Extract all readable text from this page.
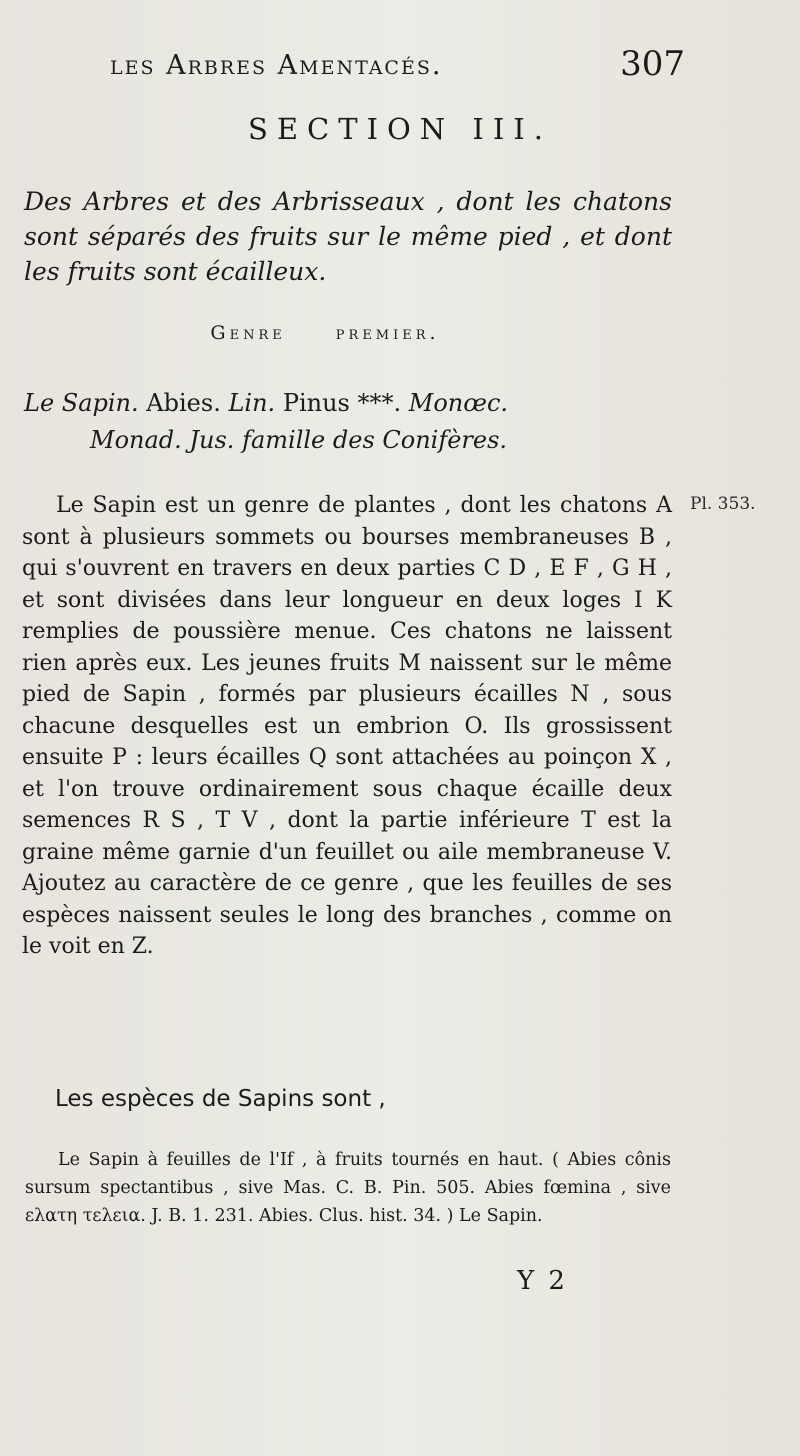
les Arbres Amentacés.	307
SECTION III.
Des Arbres et des Arbrisseaux , dont les chatons sont séparés des fruits sur le même pied , et dont les fruits sont écailleux.
Genre	premier.
Le Sapin. Abies. Lin. Pinus ***. Monœc.
Monad. Jus. famille des Conifères.

Le Sapin est un genre de plantes , dont les chatons A sont à plusieurs sommets ou bourses membraneuses B , qui s'ouvrent en travers en deux parties C D , E F , G H , et sont divisées dans leur longueur en deux loges I K remplies de poussière menue. Ces chatons ne laissent rien après eux. Les jeunes fruits M naissent sur le même pied de Sapin , formés par plusieurs écailles N , sous chacune desquelles est un embrion O. Ils grossissent ensuite P : leurs écailles Q sont attachées au poinçon X , et l'on trouve ordinairement sous chaque écaille deux semences R S , T V , dont la partie inférieure T est la graine même garnie d'un feuillet ou aile membraneuse V. Ajoutez au caractère de ce genre , que les feuilles de ses espèces naissent seules le long des branches , comme on le voit en Z.

Pl. 353.
Les espèces de Sapins sont ,

Le Sapin à feuilles de l'If , à fruits tournés en haut. ( Abies cônis sursum spectantibus , sive Mas. C. B. Pin. 505. Abies fœmina , sive ελατη τελεια. J. B. 1. 231. Abies. Clus. hist. 34. ) Le Sapin.

Y 2
